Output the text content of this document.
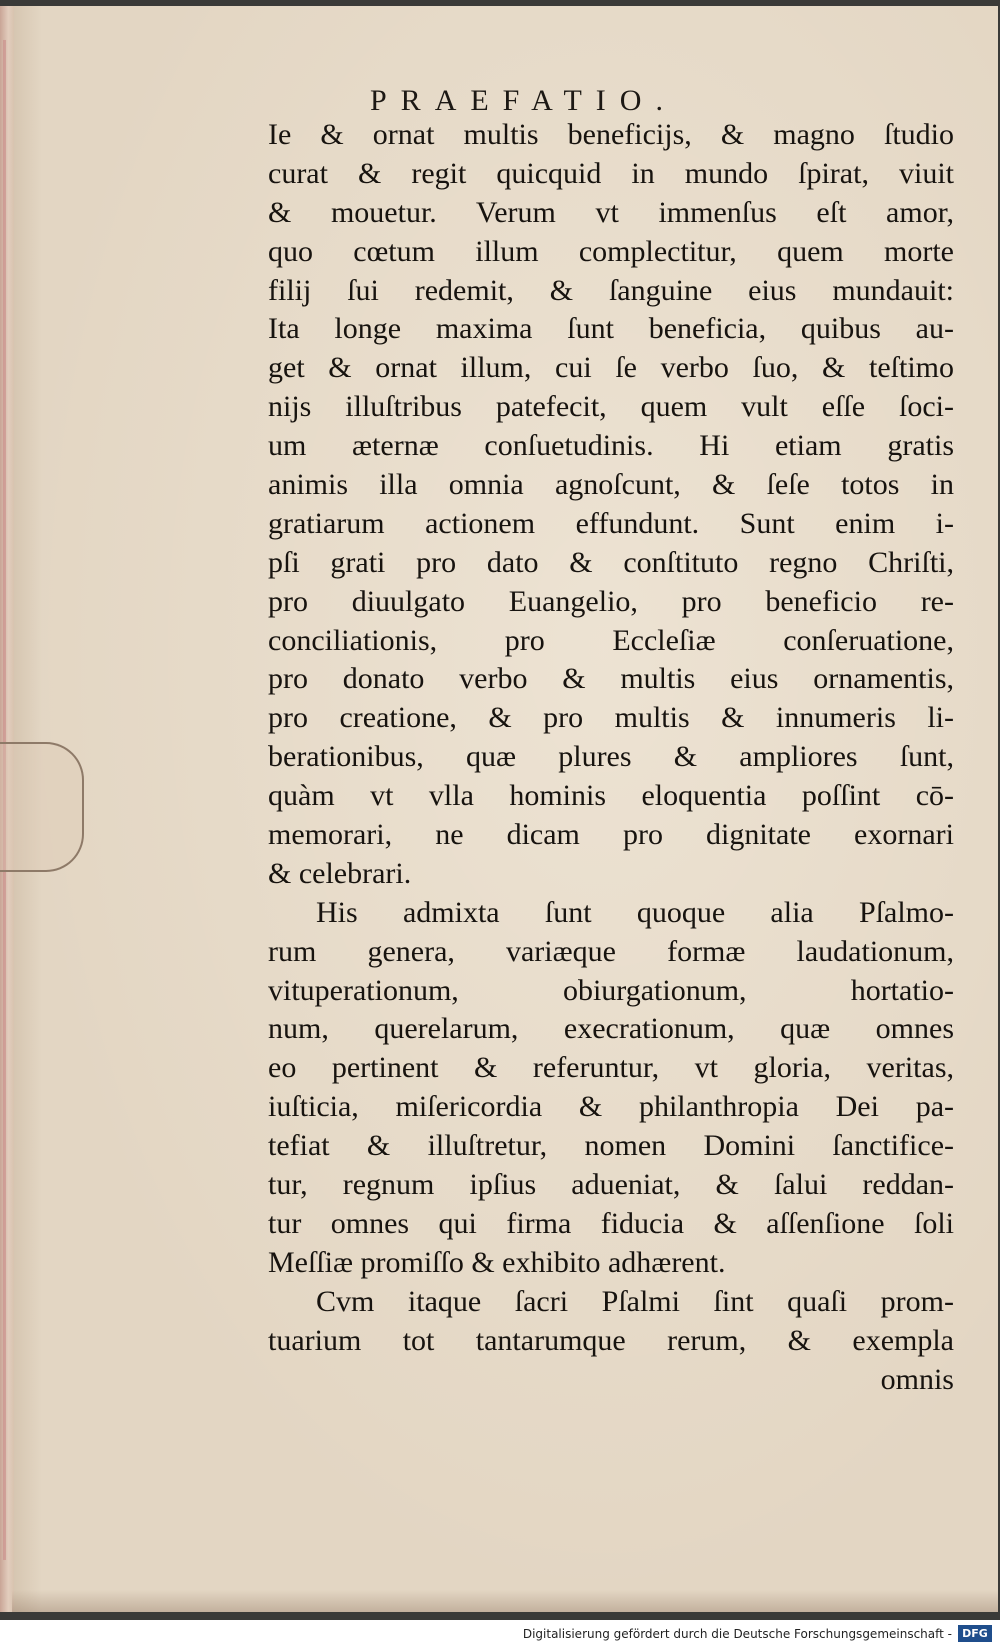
PRAEFATIO.
Ie & ornat multis beneficijs, & magno ſtudio
curat & regit quicquid in mundo ſpirat, viuit
& mouetur. Verum vt immenſus eſt amor,
quo cœtum illum complectitur, quem morte
filij ſui redemit, & ſanguine eius mundauit:
Ita longe maxima ſunt beneficia, quibus au-
get & ornat illum, cui ſe verbo ſuo, & teſtimo
nijs illuſtribus patefecit, quem vult eſſe ſoci-
um æternæ conſuetudinis. Hi etiam gratis
animis illa omnia agnoſcunt, & ſeſe totos in
gratiarum actionem effundunt. Sunt enim i-
pſi grati pro dato & conſtituto regno Chriſti,
pro diuulgato Euangelio, pro beneficio re-
conciliationis, pro Eccleſiæ conſeruatione,
pro donato verbo & multis eius ornamentis,
pro creatione, & pro multis & innumeris li-
berationibus, quæ plures & ampliores ſunt,
quàm vt vlla hominis eloquentia poſſint cō-
memorari, ne dicam pro dignitate exornari
& celebrari.
His admixta ſunt quoque alia Pſalmo-
rum genera, variæque formæ laudationum,
vituperationum, obiurgationum, hortatio-
num, querelarum, execrationum, quæ omnes
eo pertinent & referuntur, vt gloria, veritas,
iuſticia, miſericordia & philanthropia Dei pa-
tefiat & illuſtretur, nomen Domini ſanctifice-
tur, regnum ipſius adueniat, & ſalui reddan-
tur omnes qui firma fiducia & aſſenſione ſoli
Meſſiæ promiſſo & exhibito adhærent.
Cvm itaque ſacri Pſalmi ſint quaſi prom-
tuarium tot tantarumque rerum, & exempla
omnis
Digitalisierung gefördert durch die Deutsche Forschungsgemeinschaft - DFG
